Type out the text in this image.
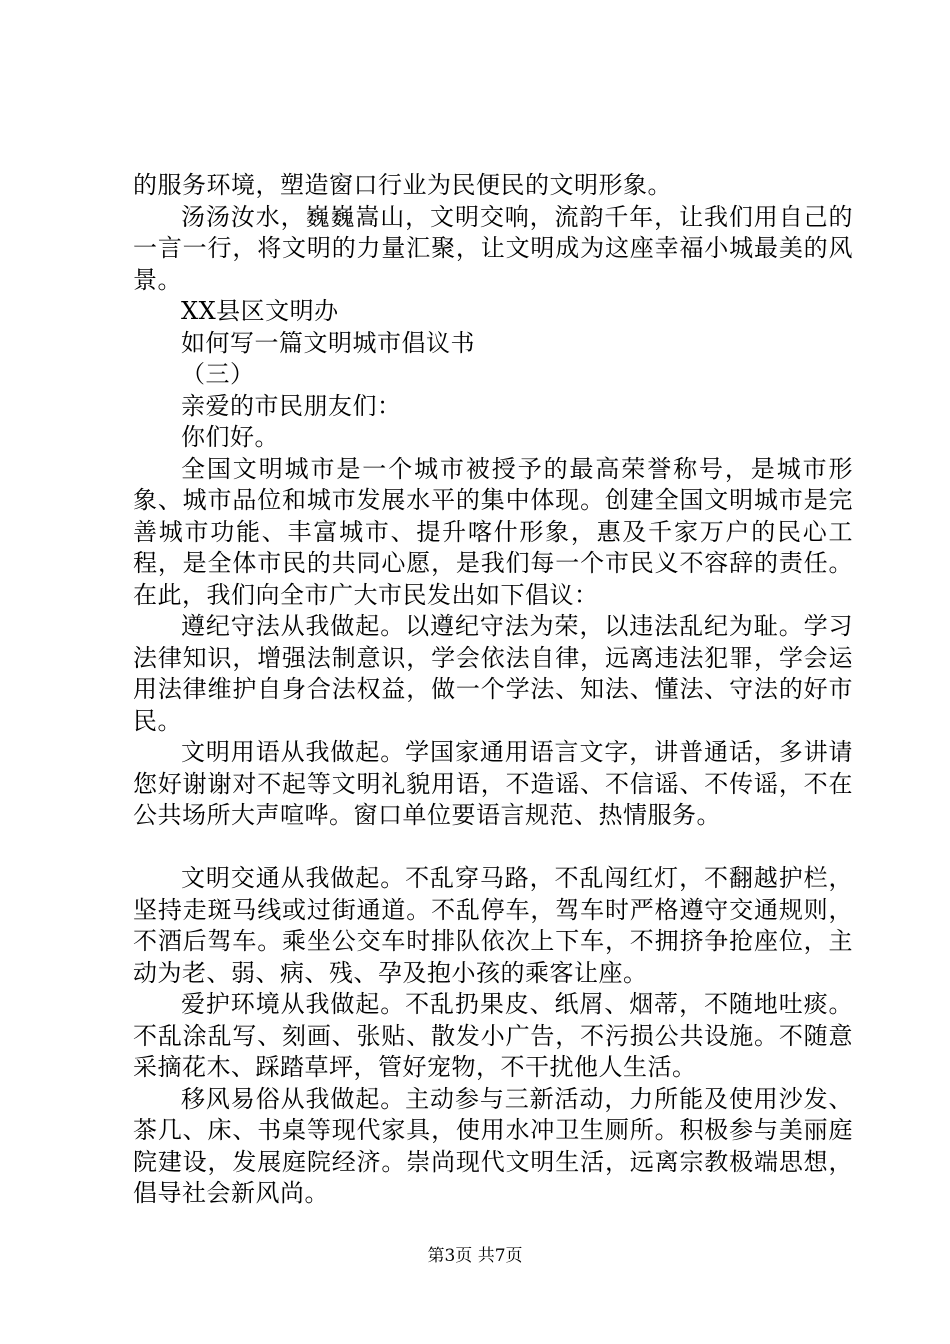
的服务环境，塑造窗口行业为民便民的文明形象。

汤汤汝水，巍巍嵩山，文明交响，流韵千年，让我们用自己的一言一行，将文明的力量汇聚，让文明成为这座幸福小城最美的风景。

XX县区文明办

如何写一篇文明城市倡议书

（三）

亲爱的市民朋友们：

你们好。

全国文明城市是一个城市被授予的最高荣誉称号，是城市形象、城市品位和城市发展水平的集中体现。创建全国文明城市是完善城市功能、丰富城市、提升喀什形象，惠及千家万户的民心工程，是全体市民的共同心愿，是我们每一个市民义不容辞的责任。在此，我们向全市广大市民发出如下倡议：

遵纪守法从我做起。以遵纪守法为荣，以违法乱纪为耻。学习法律知识，增强法制意识，学会依法自律，远离违法犯罪，学会运用法律维护自身合法权益，做一个学法、知法、懂法、守法的好市民。

文明用语从我做起。学国家通用语言文字，讲普通话，多讲请您好谢谢对不起等文明礼貌用语，不造谣、不信谣、不传谣，不在公共场所大声喧哗。窗口单位要语言规范、热情服务。

文明交通从我做起。不乱穿马路，不乱闯红灯，不翻越护栏，坚持走斑马线或过街通道。不乱停车，驾车时严格遵守交通规则，不酒后驾车。乘坐公交车时排队依次上下车，不拥挤争抢座位，主动为老、弱、病、残、孕及抱小孩的乘客让座。

爱护环境从我做起。不乱扔果皮、纸屑、烟蒂，不随地吐痰。不乱涂乱写、刻画、张贴、散发小广告，不污损公共设施。不随意采摘花木、踩踏草坪，管好宠物，不干扰他人生活。

移风易俗从我做起。主动参与三新活动，力所能及使用沙发、茶几、床、书桌等现代家具，使用水冲卫生厕所。积极参与美丽庭院建设，发展庭院经济。崇尚现代文明生活，远离宗教极端思想，倡导社会新风尚。

第3页 共7页
